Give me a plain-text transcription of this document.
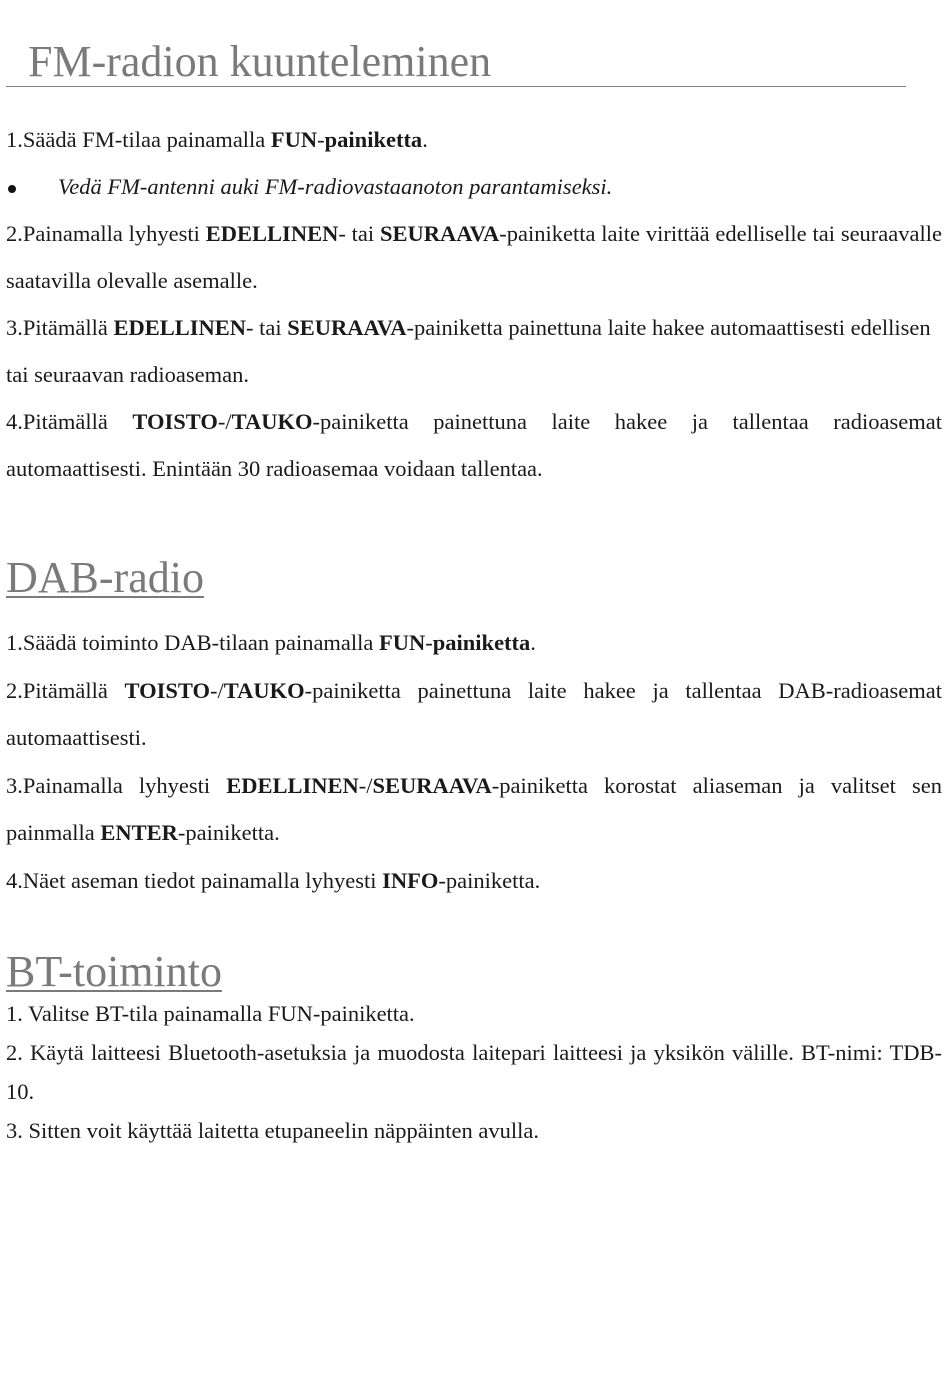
FM-radion kuunteleminen

1.Säädä FM-tilaa painamalla FUN-painiketta.

Vedä FM-antenni auki FM-radiovastaanoton parantamiseksi.

2.Painamalla lyhyesti EDELLINEN- tai SEURAAVA-painiketta laite virittää edelliselle tai seuraavalle saatavilla olevalle asemalle.

3.Pitämällä EDELLINEN- tai SEURAAVA-painiketta painettuna laite hakee automaattisesti edellisen tai seuraavan radioaseman.

4.Pitämällä TOISTO-/TAUKO-painiketta painettuna laite hakee ja tallentaa radioasemat automaattisesti. Enintään 30 radioasemaa voidaan tallentaa.

DAB-radio

1.Säädä toiminto DAB-tilaan painamalla FUN-painiketta.

2.Pitämällä TOISTO-/TAUKO-painiketta painettuna laite hakee ja tallentaa DAB-radioasemat automaattisesti.

3.Painamalla lyhyesti EDELLINEN-/SEURAAVA-painiketta korostat aliaseman ja valitset sen painmalla ENTER-painiketta.

4.Näet aseman tiedot painamalla lyhyesti INFO-painiketta.

BT-toiminto

1. Valitse BT-tila painamalla FUN-painiketta.

2. Käytä laitteesi Bluetooth-asetuksia ja muodosta laitepari laitteesi ja yksikön välille. BT-nimi: TDB-10.

3. Sitten voit käyttää laitetta etupaneelin näppäinten avulla.
